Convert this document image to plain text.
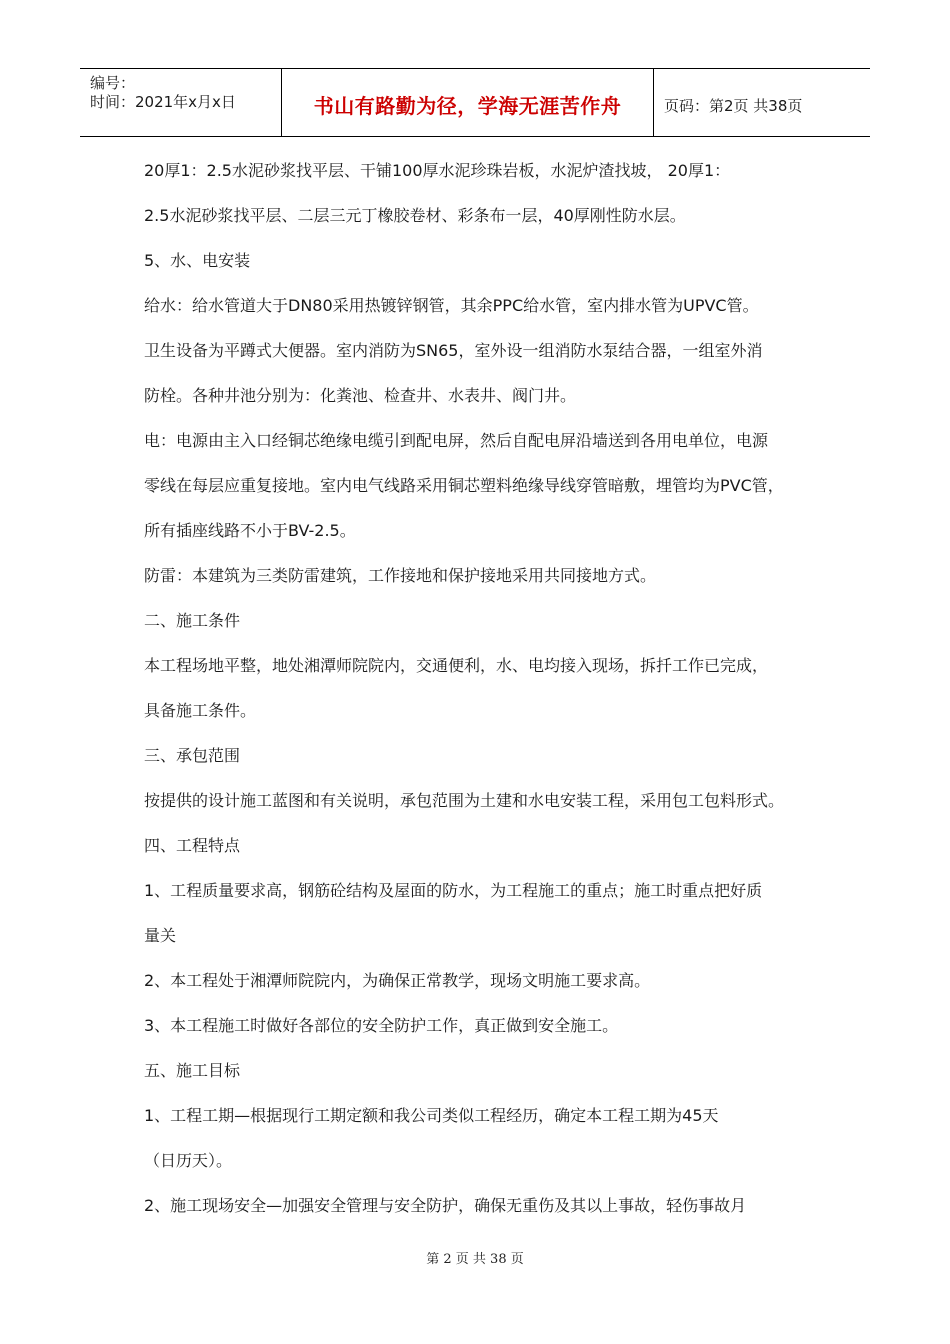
编号：
时间：2021年x月x日	书山有路勤为径，学海无涯苦作舟	页码：第2页 共38页

20厚1：2.5水泥砂浆找平层、干铺100厚水泥珍珠岩板，水泥炉渣找坡， 20厚1：

2.5水泥砂浆找平层、二层三元丁橡胶卷材、彩条布一层，40厚刚性防水层。

5、水、电安装

给水：给水管道大于DN80采用热镀锌钢管，其余PPC给水管，室内排水管为UPVC管。

卫生设备为平蹲式大便器。室内消防为SN65，室外设一组消防水泵结合器，一组室外消

防栓。各种井池分别为：化粪池、检查井、水表井、阀门井。

电：电源由主入口经铜芯绝缘电缆引到配电屏，然后自配电屏沿墙送到各用电单位，电源

零线在每层应重复接地。室内电气线路采用铜芯塑料绝缘导线穿管暗敷，埋管均为PVC管，

所有插座线路不小于BV-2.5。

防雷：本建筑为三类防雷建筑，工作接地和保护接地采用共同接地方式。

二、施工条件

本工程场地平整，地处湘潭师院院内，交通便利，水、电均接入现场，拆扦工作已完成，

具备施工条件。

三、承包范围

按提供的设计施工蓝图和有关说明，承包范围为土建和水电安装工程，采用包工包料形式。

四、工程特点

1、工程质量要求高，钢筋砼结构及屋面的防水，为工程施工的重点；施工时重点把好质

量关

2、本工程处于湘潭师院院内，为确保正常教学，现场文明施工要求高。

3、本工程施工时做好各部位的安全防护工作，真正做到安全施工。

五、施工目标

1、工程工期—根据现行工期定额和我公司类似工程经历，确定本工程工期为45天

（日历天）。

2、施工现场安全—加强安全管理与安全防护，确保无重伤及其以上事故，轻伤事故月

第 2 页 共 38 页
